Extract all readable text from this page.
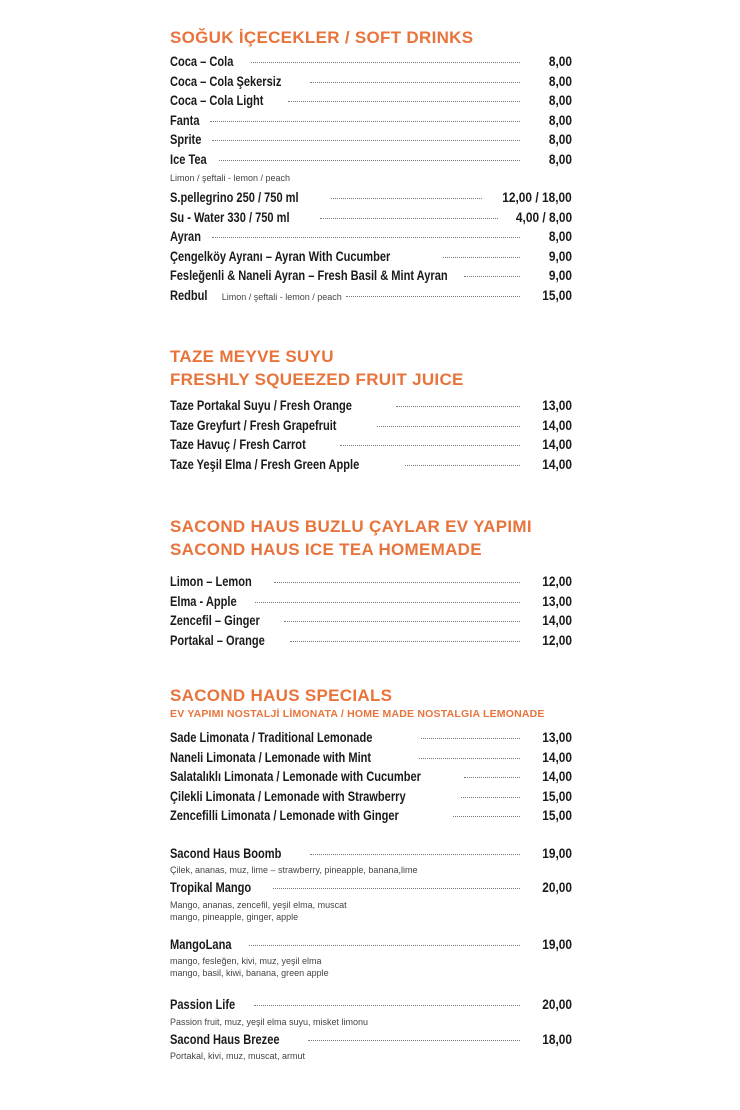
SOĞUK İÇECEKLER / SOFT DRINKS
Coca – Cola	8,00
Coca – Cola Şekersiz	8,00
Coca – Cola Light	8,00
Fanta	8,00
Sprite	8,00
Ice Tea	8,00
Limon / şeftali - lemon / peach
S.pellegrino 250 / 750 ml	12,00 / 18,00
Su - Water 330 / 750 ml	4,00 / 8,00
Ayran	8,00
Çengelköy Ayranı – Ayran With Cucumber	9,00
Fesleğenli & Naneli Ayran – Fresh Basil & Mint Ayran	9,00
Redbul Limon / şeftali - lemon / peach	15,00
TAZE MEYVE SUYU
FRESHLY SQUEEZED FRUIT JUICE
Taze Portakal Suyu / Fresh Orange	13,00
Taze Greyfurt / Fresh Grapefruit	14,00
Taze Havuç / Fresh Carrot	14,00
Taze Yeşil Elma / Fresh Green Apple	14,00
SACOND HAUS BUZLU ÇAYLAR EV YAPIMI
SACOND HAUS ICE TEA HOMEMADE
Limon – Lemon	12,00
Elma - Apple	13,00
Zencefil – Ginger	14,00
Portakal – Orange	12,00
SACOND HAUS SPECIALS
EV YAPIMI NOSTALJİ LİMONATA / HOME MADE NOSTALGIA LEMONADE
Sade Limonata / Traditional Lemonade	13,00
Naneli Limonata / Lemonade with Mint	14,00
Salatalıklı Limonata / Lemonade with Cucumber	14,00
Çilekli Limonata / Lemonade with Strawberry	15,00
Zencefilli Limonata / Lemonade with Ginger	15,00
Sacond Haus Boomb	19,00
Çilek, ananas, muz, lime – strawberry, pineapple, banana,lime
Tropikal Mango	20,00
Mango, ananas, zencefil, yeşil elma, muscat
mango, pineapple, ginger, apple
MangoLana	19,00
mango, fesleğen, kivi, muz, yeşil elma
mango, basil, kiwi, banana, green apple
Passion Life	20,00
Passion fruit, muz, yeşil elma suyu, misket limonu
Sacond Haus Brezee	18,00
Portakal, kivi, muz, muscat, armut
